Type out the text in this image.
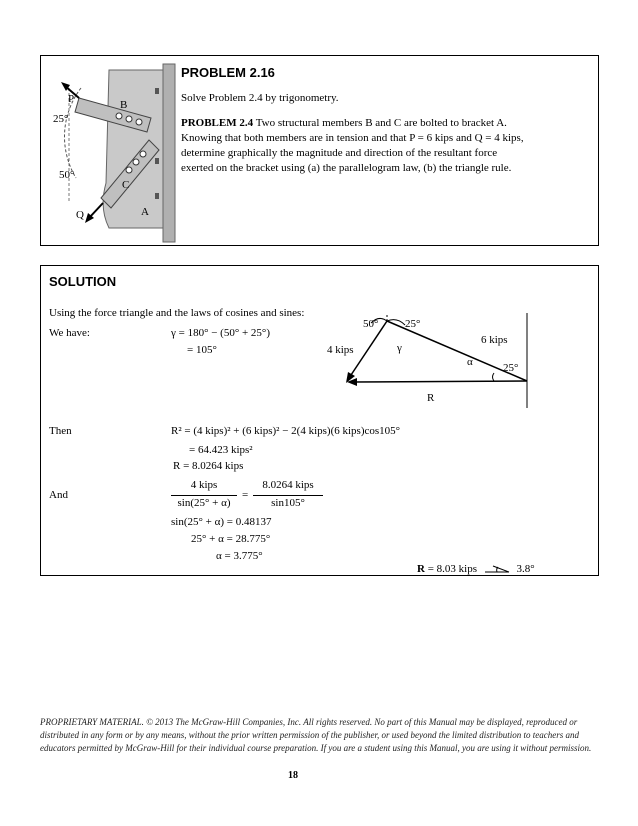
P	B
25°
50°
C
Q	A
PROBLEM 2.16
Solve Problem 2.4 by trigonometry.
PROBLEM 2.4 Two structural members B and C are bolted to bracket A.
Knowing that both members are in tension and that P = 6 kips and Q = 4 kips,
determine graphically the magnitude and direction of the resultant force
exerted on the bracket using (a) the parallelogram law, (b) the triangle rule.
SOLUTION
Using the force triangle and the laws of cosines and sines:
We have:	γ = 180° − (50° + 25°)
= 105°
50° 25°
4 kips
6 kips
γ
α	25°
R
Then	R² = (4 kips)² + (6 kips)² − 2(4 kips)(6 kips)cos105°
= 64.423 kips²
R = 8.0264 kips
And
4 kips
sin(25° + α)
=
8.0264 kips
sin105°
sin(25° + α) = 0.48137
25° + α = 28.775°
α = 3.775°
R = 8.03 kips	3.8°
PROPRIETARY MATERIAL. © 2013 The McGraw-Hill Companies, Inc. All rights reserved. No part of this Manual may be displayed, reproduced or distributed in any form or by any means, without the prior written permission of the publisher, or used beyond the limited distribution to teachers and educators permitted by McGraw-Hill for their individual course preparation. If you are a student using this Manual, you are using it without permission.
18
